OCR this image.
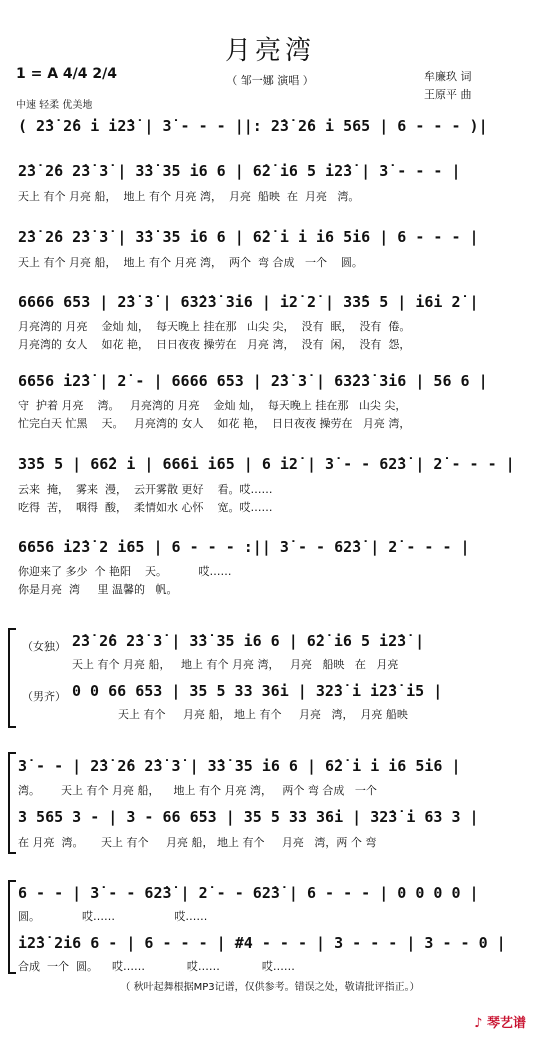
月亮湾
（ 邹一娜 演唱 ）
1 = A 4/4 2/4
中速 轻柔 优美地
牟廉玖 词
王原平 曲
( 2̇3̇ 2̇6 i i2̇3̇ | 3̇ - - - ||: 2̇3̇ 2̇6 i 565 | 6 - - - )|
2̇3̇ 2̇6 2̇3̇ 3̇ | 3̇3̇ 35 i6 6 | 6̇2̇ i6 5 i2̇3̇ | 3̇ - - - |
天上 有个 月亮 船，  地上 有个 月亮 湾，  月亮  船映  在  月亮   湾。
2̇3̇ 2̇6 2̇3̇ 3̇ | 3̇3̇ 35 i6 6 | 6̇2̇ i i i6 5i6 | 6 - - - |
天上 有个 月亮 船，  地上 有个 月亮 湾，  两个  弯 合成   一个    圆。
6666 653 | 2̇3̇ 3̇ | 63̇2̇3̇ 3̇i6 | i2̇ 2̇ | 33̇5 5 | i6i 2̇ |
月亮湾的 月亮    金灿 灿，  每天晚上 挂在那   山尖 尖，  没有  眠，  没有  倦。
月亮湾的 女人    如花 艳，  日日夜夜 操劳在   月亮 湾，  没有  闲，  没有  怨，
6656 i2̇3̇ | 2̇ - | 6666 653 | 2̇3̇ 3̇ | 63̇2̇3̇ 3̇i6 | 56 6 |
守  护着 月亮    湾。   月亮湾的 月亮    金灿 灿，  每天晚上 挂在那   山尖 尖，
忙完白天 忙黑    天。   月亮湾的 女人    如花 艳，  日日夜夜 操劳在   月亮 湾，
33̇5 5 | 66̇2 i | 666i i65 | 6 i2̇ | 3̇ - - 62̇3̇ | 2̇ - - - |
云来  掩，  雾来  漫，  云开雾散 更好    看。哎……
吃得  苦，  咽得  酸，  柔情如水 心怀    宽。哎……
6656 i2̇3̇ 2 i65 | 6 - - - :|| 3̇ - - 62̇3̇ | 2̇ - - - |
你迎来了 多少  个 艳阳    天。         哎……
你是月亮  湾     里 温馨的   帆。
（女独） 2̇3̇ 2̇6 2̇3̇ 3̇ | 3̇3̇ 35 i6 6 | 6̇2̇ i6 5 i2̇3̇ |
天上 有个 月亮 船，   地上 有个 月亮 湾，   月亮   船映   在   月亮
（男齐） 0 0 66 653 | 35 5 33 36i | 32̇3̇ i i2̇3̇ i5 |
天上 有个     月亮 船， 地上 有个     月亮   湾，  月亮 船映
3̇ - - | 2̇3̇ 2̇6 2̇3̇ 3̇ | 3̇3̇ 35 i6 6 | 6̇2̇ i i i6 5i6 |
湾。      天上 有个 月亮 船，    地上 有个 月亮 湾，   两个 弯 合成   一个
3 565 3 - | 3 - 66 653 | 35 5 33 36i | 32̇3̇ i 63 3 |
在 月亮  湾。     天上 有个     月亮 船， 地上 有个     月亮   湾，两 个 弯
6 - - | 3̇ - - 62̇3̇ | 2̇ - - 62̇3̇ | 6 - - - | 0 0 0 0 |
圆。            哎……                 哎……
i2̇3̇ 2i6 6 - | 6 - - - | #4 - - - | 3 - - - | 3 - - 0 |
合成  一个  圆。    哎……            哎……            哎……
（ 秋叶起舞根据MP3记谱，仅供参考。错误之处，敬请批评指正。）
♪ 琴艺谱
